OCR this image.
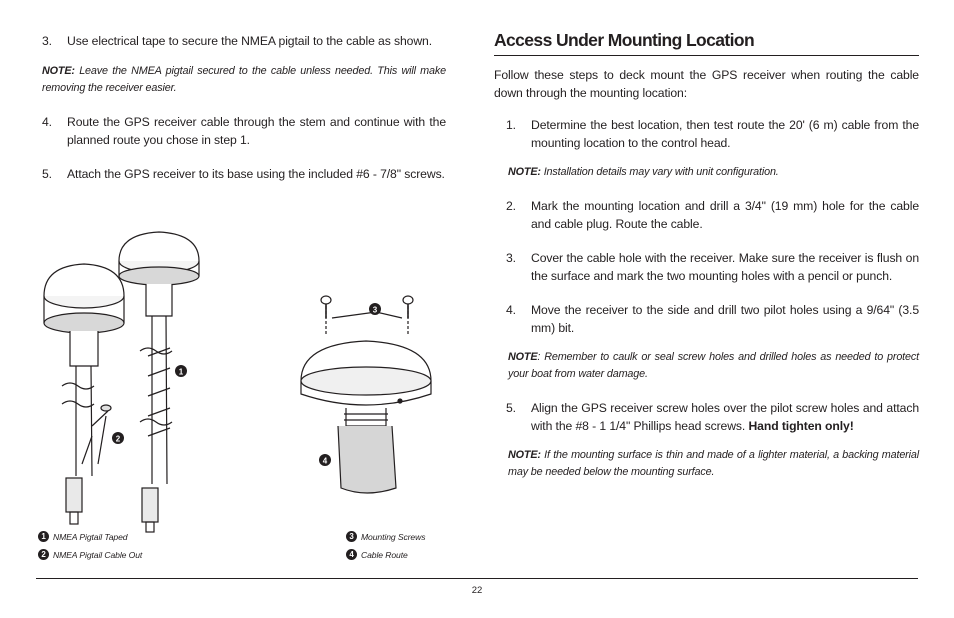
3.	Use electrical tape to secure the NMEA pigtail to the cable as shown.
NOTE: Leave the NMEA pigtail secured to the cable unless needed. This will make removing the receiver easier.
4.	Route the GPS receiver cable through the stem and continue with the planned route you chose in step 1.
5.	Attach the GPS receiver to its base using the included #6 - 7/8" screws.
1
2
3
4
1 NMEA Pigtail Taped
2 NMEA Pigtail Cable Out
3 Mounting Screws
4 Cable Route
Access Under Mounting Location
Follow these steps to deck mount the GPS receiver when routing the cable down through the mounting location:
1.	Determine the best location, then test route the 20' (6 m) cable from the mounting location to the control head.
NOTE: Installation details may vary with unit configuration.
2.	Mark the mounting location and drill a 3/4" (19 mm) hole for the cable and cable plug. Route the cable.
3.	Cover the cable hole with the receiver. Make sure the receiver is flush on the surface and mark the two mounting holes with a pencil or punch.
4.	Move the receiver to the side and drill two pilot holes using a 9/64" (3.5 mm) bit.
NOTE: Remember to caulk or seal screw holes and drilled holes as needed to protect your boat from water damage.
5.	Align the GPS receiver screw holes over the pilot screw holes and attach with the #8 - 1 1/4" Phillips head screws. Hand tighten only!
NOTE: If the mounting surface is thin and made of a lighter material, a backing material may be needed below the mounting surface.
22
